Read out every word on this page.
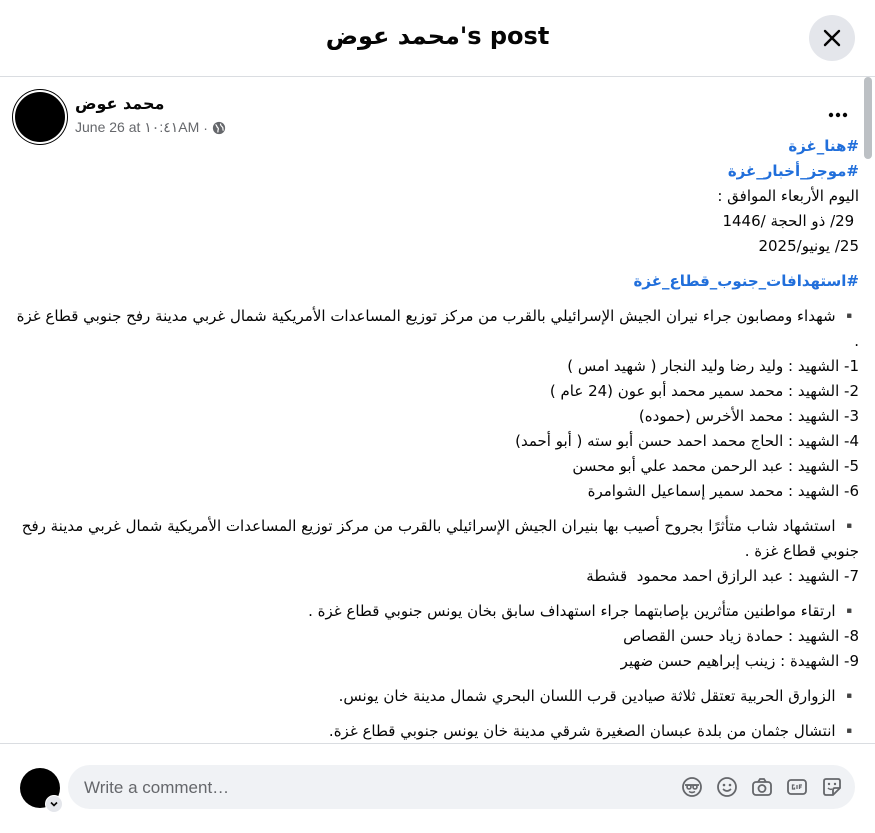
محمد عوض's post
محمد عوض
June 26 at ١٠:٤١AM ·
#هنا_غزة
#موجز_أخبار_غزة
اليوم الأربعاء الموافق :
29/ ذو الحجة /1446
25/ يونيو/2025
#استهدافات_جنوب_قطاع_غزة
▪️ شهداء ومصابون جراء نيران الجيش الإسرائيلي بالقرب من مركز توزيع المساعدات الأمريكية شمال غربي مدينة رفح جنوبي قطاع غزة .
1- الشهيد : وليد رضا وليد النجار ( شهيد امس )
2- الشهيد : محمد سمير محمد أبو عون (24 عام )
3- الشهيد : محمد الأخرس (حموده)
4- الشهيد : الحاج محمد احمد حسن أبو سته ( أبو أحمد)
5- الشهيد : عبد الرحمن محمد علي أبو محسن
6- الشهيد : محمد سمير إسماعيل الشوامرة
▪️ استشهاد شاب متأثرًا بجروح أصيب بها بنيران الجيش الإسرائيلي بالقرب من مركز توزيع المساعدات الأمريكية شمال غربي مدينة رفح جنوبي قطاع غزة .
7- الشهيد : عبد الرازق احمد محمود  قشطة
▪️ ارتقاء مواطنين متأثرين بإصابتهما جراء استهداف سابق بخان يونس جنوبي قطاع غزة .
8- الشهيد : حمادة زياد حسن القصاص
9- الشهيدة : زينب إبراهيم حسن ضهير
▪️ الزوارق الحربية تعتقل ثلاثة صيادين قرب اللسان البحري شمال مدينة خان يونس.
▪️ انتشال جثمان من بلدة عبسان الصغيرة شرقي مدينة خان يونس جنوبي قطاع غزة.
Write a comment…
